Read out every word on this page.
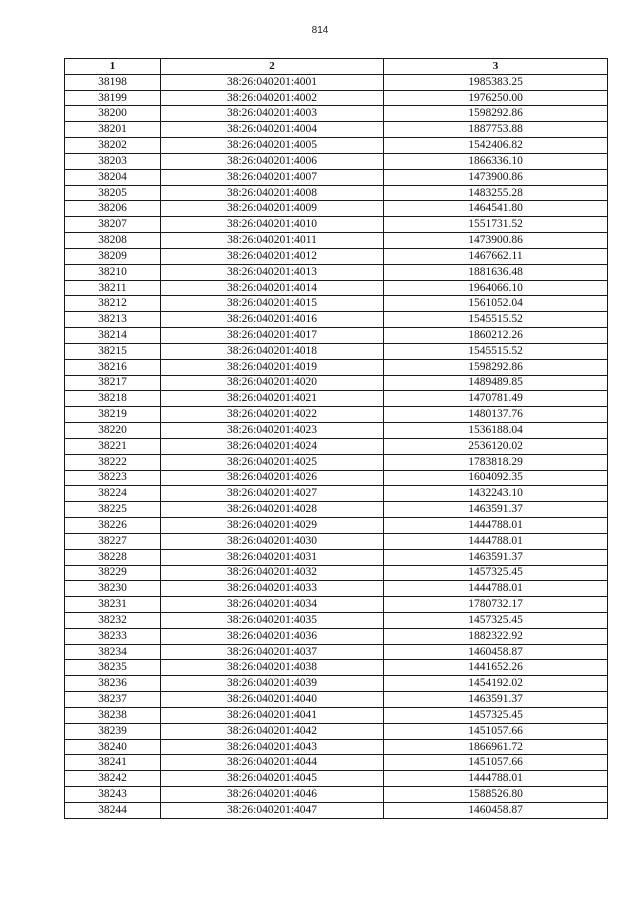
814
1	2	3
38198	38:26:040201:4001	1985383.25
38199	38:26:040201:4002	1976250.00
38200	38:26:040201:4003	1598292.86
38201	38:26:040201:4004	1887753.88
38202	38:26:040201:4005	1542406.82
38203	38:26:040201:4006	1866336.10
38204	38:26:040201:4007	1473900.86
38205	38:26:040201:4008	1483255.28
38206	38:26:040201:4009	1464541.80
38207	38:26:040201:4010	1551731.52
38208	38:26:040201:4011	1473900.86
38209	38:26:040201:4012	1467662.11
38210	38:26:040201:4013	1881636.48
38211	38:26:040201:4014	1964066.10
38212	38:26:040201:4015	1561052.04
38213	38:26:040201:4016	1545515.52
38214	38:26:040201:4017	1860212.26
38215	38:26:040201:4018	1545515.52
38216	38:26:040201:4019	1598292.86
38217	38:26:040201:4020	1489489.85
38218	38:26:040201:4021	1470781.49
38219	38:26:040201:4022	1480137.76
38220	38:26:040201:4023	1536188.04
38221	38:26:040201:4024	2536120.02
38222	38:26:040201:4025	1783818.29
38223	38:26:040201:4026	1604092.35
38224	38:26:040201:4027	1432243.10
38225	38:26:040201:4028	1463591.37
38226	38:26:040201:4029	1444788.01
38227	38:26:040201:4030	1444788.01
38228	38:26:040201:4031	1463591.37
38229	38:26:040201:4032	1457325.45
38230	38:26:040201:4033	1444788.01
38231	38:26:040201:4034	1780732.17
38232	38:26:040201:4035	1457325.45
38233	38:26:040201:4036	1882322.92
38234	38:26:040201:4037	1460458.87
38235	38:26:040201:4038	1441652.26
38236	38:26:040201:4039	1454192.02
38237	38:26:040201:4040	1463591.37
38238	38:26:040201:4041	1457325.45
38239	38:26:040201:4042	1451057.66
38240	38:26:040201:4043	1866961.72
38241	38:26:040201:4044	1451057.66
38242	38:26:040201:4045	1444788.01
38243	38:26:040201:4046	1588526.80
38244	38:26:040201:4047	1460458.87
